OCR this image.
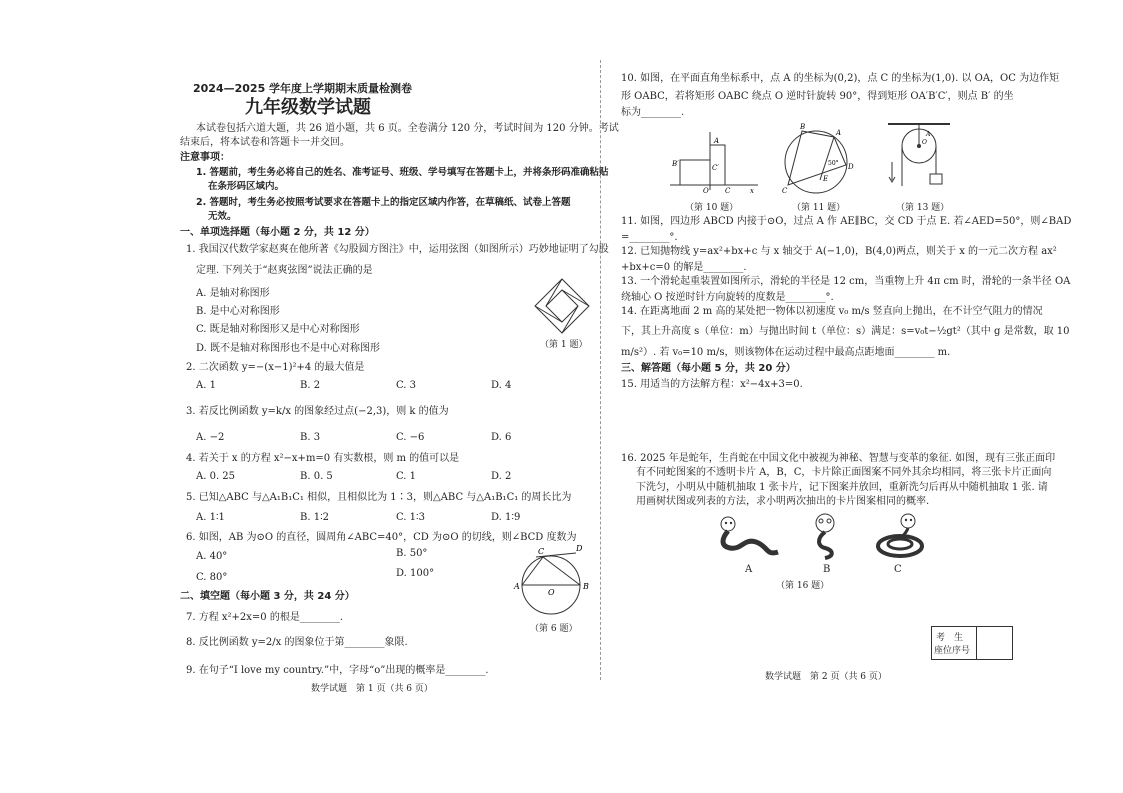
2024—2025 学年度上学期期末质量检测卷
九年级数学试题
本试卷包括六道大题，共 26 道小题，共 6 页。全卷满分 120 分，考试时间为 120 分钟。考试
结束后，将本试卷和答题卡一并交回。
注意事项：
1. 答题前，考生务必将自己的姓名、准考证号、班级、学号填写在答题卡上，并将条形码准确粘贴
在条形码区域内。
2. 答题时，考生务必按照考试要求在答题卡上的指定区域内作答，在草稿纸、试卷上答题
无效。
一、单项选择题（每小题 2 分，共 12 分）
1. 我国汉代数学家赵爽在他所著《勾股圆方图注》中，运用弦图（如图所示）巧妙地证明了勾股
定理. 下列关于“赵爽弦图”说法正确的是
A. 是轴对称图形
B. 是中心对称图形
C. 既是轴对称图形又是中心对称图形
D. 既不是轴对称图形也不是中心对称图形	（第 1 题）
2. 二次函数 y=−(x−1)²+4 的最大值是
A. 1	B. 2	C. 3	D. 4
3. 若反比例函数 y=k/x 的图象经过点(−2,3)，则 k 的值为
A. −2	B. 3	C. −6	D. 6
4. 若关于 x 的方程 x²−x+m=0 有实数根，则 m 的值可以是
A. 0. 25	B. 0. 5	C. 1	D. 2
5. 已知△ABC 与△A₁B₁C₁ 相似，且相似比为 1∶3，则△ABC 与△A₁B₁C₁ 的周长比为
A. 1∶1	B. 1∶2	C. 1∶3	D. 1∶9
6. 如图，AB 为⊙O 的直径，圆周角∠ABC=40°，CD 为⊙O 的切线，则∠BCD 度数为
A. 40°	B. 50°
C. 80°	D. 100°
A	B
C	D
O
（第 6 题）
二、填空题（每小题 3 分，共 24 分）
7. 方程 x²+2x=0 的根是________.
8. 反比例函数 y=2/x 的图象位于第________象限.
9. 在句子“I love my country.”中，字母“o”出现的概率是________.
数学试题　第 1 页（共 6 页）
10. 如图，在平面直角坐标系中，点 A 的坐标为(0,2)，点 C 的坐标为(1,0). 以 OA，OC 为边作矩
形 OABC，若将矩形 OABC 绕点 O 逆时针旋转 90°，得到矩形 OA′B′C′，则点 B′ 的坐
标为________.
A
B′	C′
O C	x
（第 10 题）
B
A
D
C
E
50°
（第 11 题）
O
A
（第 13 题）
11. 如图，四边形 ABCD 内接于⊙O，过点 A 作 AE∥BC，交 CD 于点 E. 若∠AED=50°，则∠BAD
=________°.
12. 已知抛物线 y=ax²+bx+c 与 x 轴交于 A(−1,0)，B(4,0)两点，则关于 x 的一元二次方程 ax²
+bx+c=0 的解是________.
13. 一个滑轮起重装置如图所示，滑轮的半径是 12 cm，当重物上升 4π cm 时，滑轮的一条半径 OA
绕轴心 O 按逆时针方向旋转的度数是________°.
14. 在距离地面 2 m 高的某处把一物体以初速度 v₀ m/s 竖直向上抛出，在不计空气阻力的情况
下，其上升高度 s（单位：m）与抛出时间 t（单位：s）满足：s=v₀t−½gt²（其中 g 是常数，取 10
m/s²）. 若 v₀=10 m/s，则该物体在运动过程中最高点距地面________ m.
三、解答题（每小题 5 分，共 20 分）
15. 用适当的方法解方程：x²−4x+3=0.
16. 2025 年是蛇年，生肖蛇在中国文化中被视为神秘、智慧与变革的象征. 如图，现有三张正面印
有不同蛇图案的不透明卡片 A，B，C，卡片除正面图案不同外其余均相同，将三张卡片正面向
下洗匀，小明从中随机抽取 1 张卡片，记下图案并放回，重新洗匀后再从中随机抽取 1 张. 请
用画树状图或列表的方法，求小明两次抽出的卡片图案相同的概率.
A	B	C
（第 16 题）
考　生
座位序号
数学试题　第 2 页（共 6 页）
